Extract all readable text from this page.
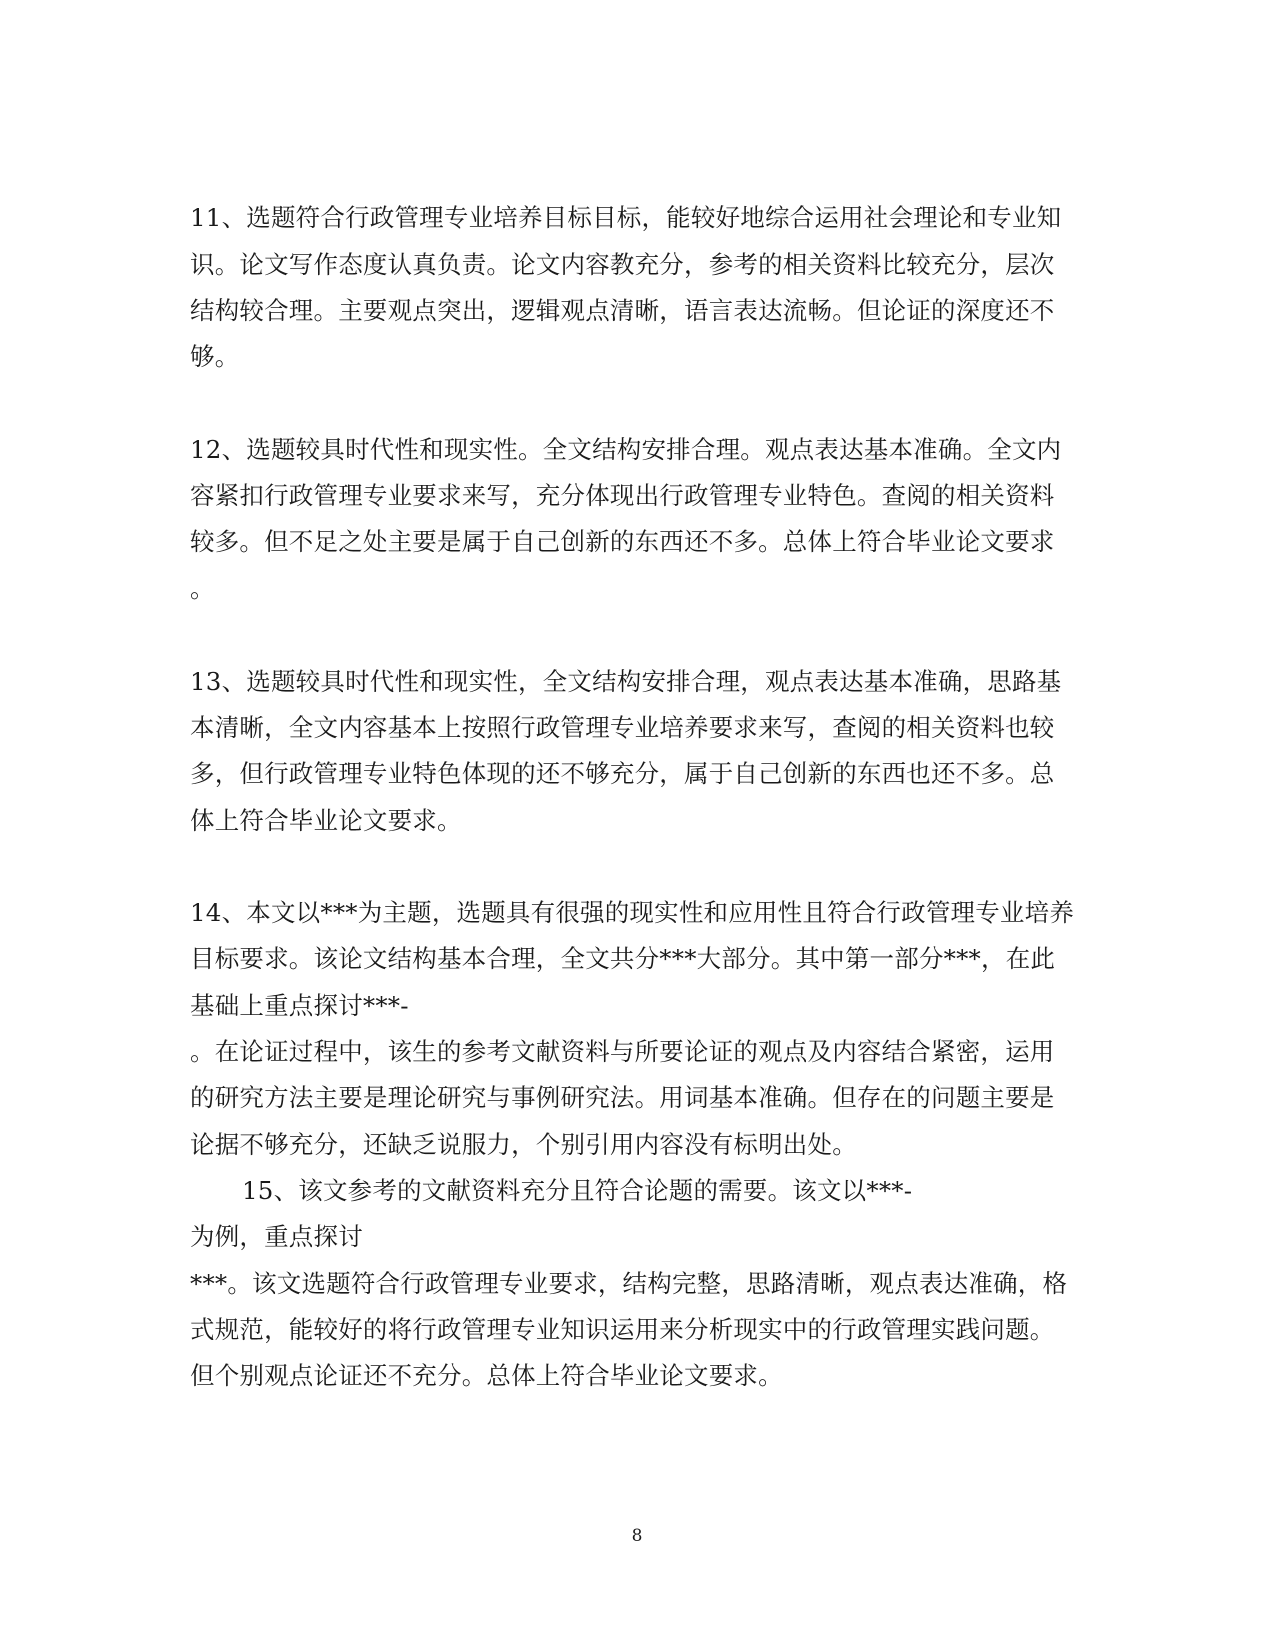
11、选题符合行政管理专业培养目标目标，能较好地综合运用社会理论和专业知
识。论文写作态度认真负责。论文内容教充分，参考的相关资料比较充分，层次
结构较合理。主要观点突出，逻辑观点清晰，语言表达流畅。但论证的深度还不
够。
12、选题较具时代性和现实性。全文结构安排合理。观点表达基本准确。全文内
容紧扣行政管理专业要求来写，充分体现出行政管理专业特色。查阅的相关资料
较多。但不足之处主要是属于自己创新的东西还不多。总体上符合毕业论文要求
。
13、选题较具时代性和现实性，全文结构安排合理，观点表达基本准确，思路基
本清晰，全文内容基本上按照行政管理专业培养要求来写，查阅的相关资料也较
多，但行政管理专业特色体现的还不够充分，属于自己创新的东西也还不多。总
体上符合毕业论文要求。
14、本文以***为主题，选题具有很强的现实性和应用性且符合行政管理专业培养
目标要求。该论文结构基本合理，全文共分***大部分。其中第一部分***，在此
基础上重点探讨***-
。在论证过程中，该生的参考文献资料与所要论证的观点及内容结合紧密，运用
的研究方法主要是理论研究与事例研究法。用词基本准确。但存在的问题主要是
论据不够充分，还缺乏说服力，个别引用内容没有标明出处。
15、该文参考的文献资料充分且符合论题的需要。该文以***-
为例，重点探讨
***。该文选题符合行政管理专业要求，结构完整，思路清晰，观点表达准确，格
式规范，能较好的将行政管理专业知识运用来分析现实中的行政管理实践问题。
但个别观点论证还不充分。总体上符合毕业论文要求。
8
